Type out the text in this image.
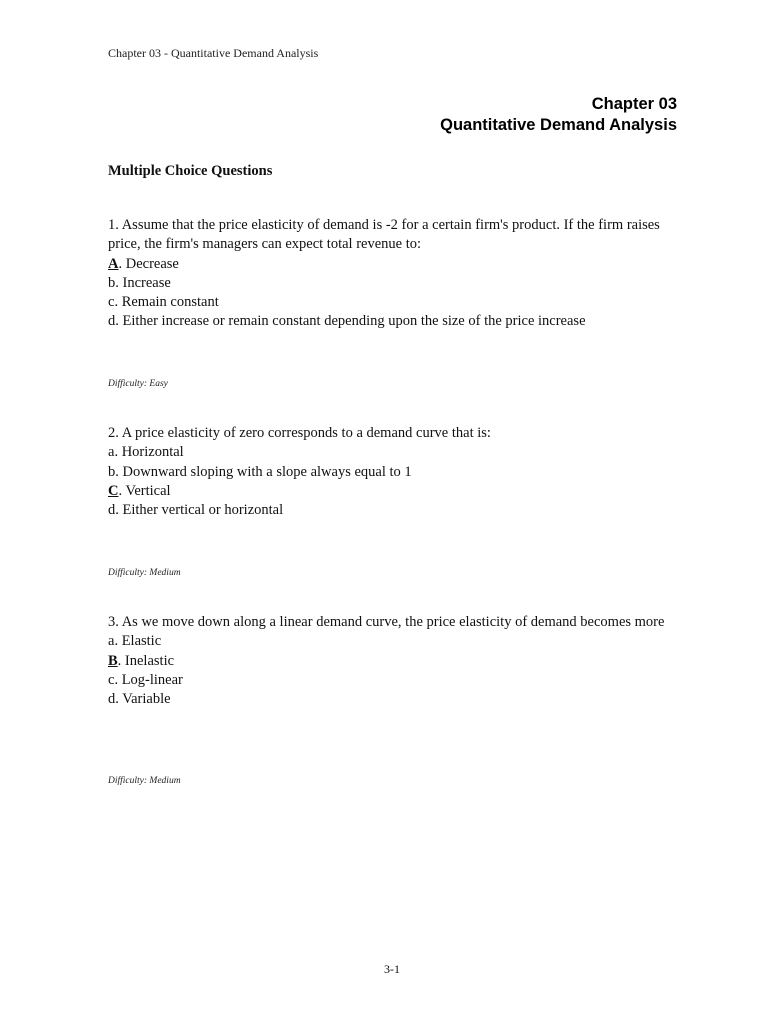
Chapter 03 - Quantitative Demand Analysis
Chapter 03
Quantitative Demand Analysis
Multiple Choice Questions

1. Assume that the price elasticity of demand is -2 for a certain firm's product. If the firm raises price, the firm's managers can expect total revenue to:

A. Decrease
b. Increase
c. Remain constant
d. Either increase or remain constant depending upon the size of the price increase
Difficulty: Easy

2. A price elasticity of zero corresponds to a demand curve that is:

a. Horizontal
b. Downward sloping with a slope always equal to 1
C. Vertical
d. Either vertical or horizontal
Difficulty: Medium

3. As we move down along a linear demand curve, the price elasticity of demand becomes more

a. Elastic
B. Inelastic
c. Log-linear
d. Variable
Difficulty: Medium
3-1
